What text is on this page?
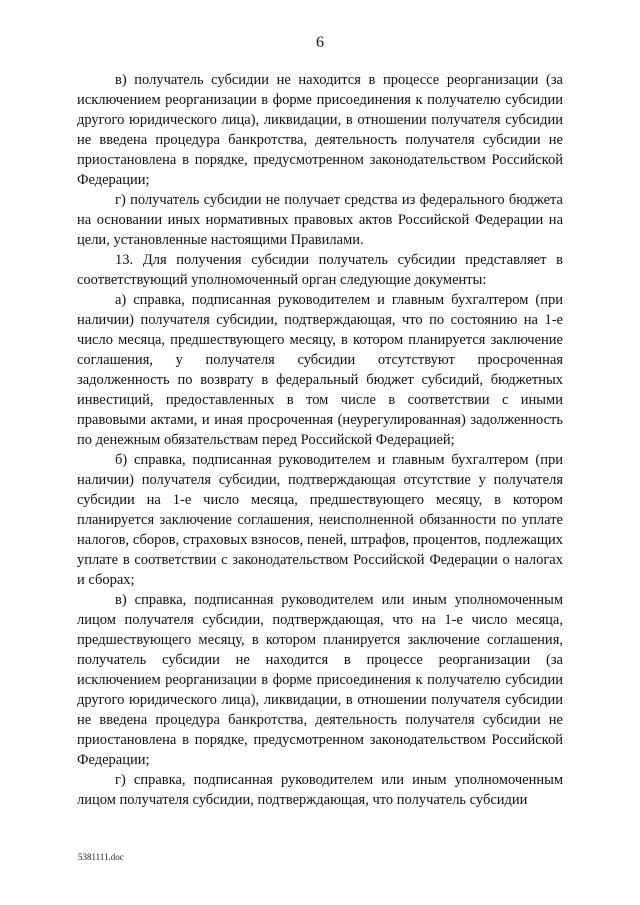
6

в) получатель субсидии не находится в процессе реорганизации (за исключением реорганизации в форме присоединения к получателю субсидии другого юридического лица), ликвидации, в отношении получателя субсидии не введена процедура банкротства, деятельность получателя субсидии не приостановлена в порядке, предусмотренном законодательством Российской Федерации;

г) получатель субсидии не получает средства из федерального бюджета на основании иных нормативных правовых актов Российской Федерации на цели, установленные настоящими Правилами.

13. Для получения субсидии получатель субсидии представляет в соответствующий уполномоченный орган следующие документы:

а) справка, подписанная руководителем и главным бухгалтером (при наличии) получателя субсидии, подтверждающая, что по состоянию на 1-е число месяца, предшествующего месяцу, в котором планируется заключение соглашения, у получателя субсидии отсутствуют просроченная задолженность по возврату в федеральный бюджет субсидий, бюджетных инвестиций, предоставленных в том числе в соответствии с иными правовыми актами, и иная просроченная (неурегулированная) задолженность по денежным обязательствам перед Российской Федерацией;

б) справка, подписанная руководителем и главным бухгалтером (при наличии) получателя субсидии, подтверждающая отсутствие у получателя субсидии на 1-е число месяца, предшествующего месяцу, в котором планируется заключение соглашения, неисполненной обязанности по уплате налогов, сборов, страховых взносов, пеней, штрафов, процентов, подлежащих уплате в соответствии с законодательством Российской Федерации о налогах и сборах;

в) справка, подписанная руководителем или иным уполномоченным лицом получателя субсидии, подтверждающая, что на 1-е число месяца, предшествующего месяцу, в котором планируется заключение соглашения, получатель субсидии не находится в процессе реорганизации (за исключением реорганизации в форме присоединения к получателю субсидии другого юридического лица), ликвидации, в отношении получателя субсидии не введена процедура банкротства, деятельность получателя субсидии не приостановлена в порядке, предусмотренном законодательством Российской Федерации;

г) справка, подписанная руководителем или иным уполномоченным лицом получателя субсидии, подтверждающая, что получатель субсидии

5381111.doc
